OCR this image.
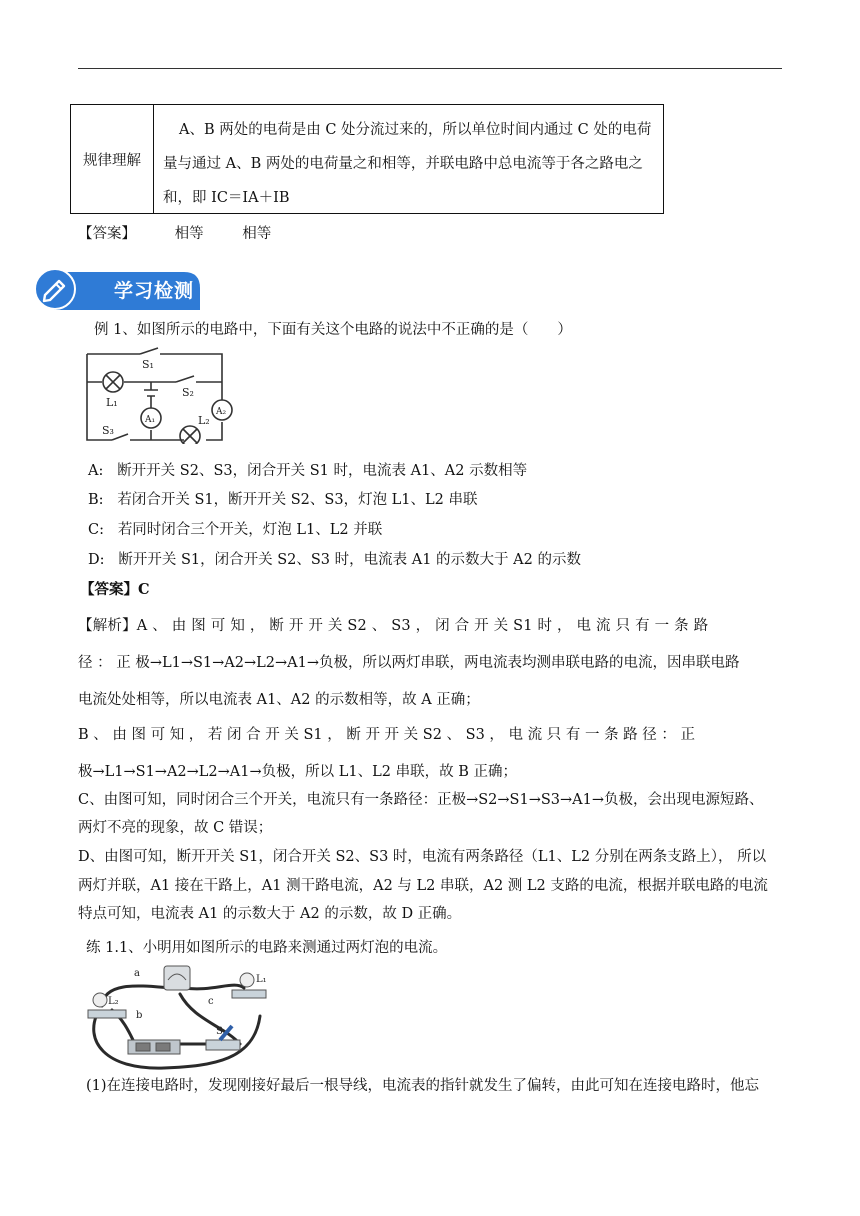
规律理解
A、B 两处的电荷是由 C 处分流过来的，所以单位时间内通过 C 处的电荷
量与通过 A、B 两处的电荷量之和相等，并联电路中总电流等于各之路电之
和，即 IC＝IA＋IB
【答案】	相等	相等
学习检测
例 1、如图所示的电路中，下面有关这个电路的说法中不正确的是（　　）
S₁
S₂
S₃
L₁
L₂
A₁
A₂
A: 断开开关 S2、S3，闭合开关 S1 时，电流表 A1、A2 示数相等
B: 若闭合开关 S1，断开开关 S2、S3，灯泡 L1、L2 串联
C: 若同时闭合三个开关，灯泡 L1、L2 并联
D: 断开开关 S1，闭合开关 S2、S3 时，电流表 A1 的示数大于 A2 的示数
【答案】C
【解析】A 、 由 图 可 知 ， 断 开 开 关 S2 、 S3 ， 闭 合 开 关 S1 时 ， 电 流 只 有 一 条 路
径 ： 正 极→L1→S1→A2→L2→A1→负极，所以两灯串联，两电流表均测串联电路的电流，因串联电路
电流处处相等，所以电流表 A1、A2 的示数相等，故 A 正确；
B 、 由 图 可 知 ， 若 闭 合 开 关 S1 ， 断 开 开 关 S2 、 S3 ， 电 流 只 有 一 条 路 径 ： 正
极→L1→S1→A2→L2→A1→负极，所以 L1、L2 串联，故 B 正确；
C、由图可知，同时闭合三个开关，电流只有一条路径：正极→S2→S1→S3→A1→负极，会出现电源短路、
两灯不亮的现象，故 C 错误；
D、由图可知，断开开关 S1，闭合开关 S2、S3 时，电流有两条路径（L1、L2 分别在两条支路上）， 所以
两灯并联，A1 接在干路上，A1 测干路电流，A2 与 L2 串联，A2 测 L2 支路的电流，根据并联电路的电流
特点可知，电流表 A1 的示数大于 A2 的示数，故 D 正确。
练 1.1、小明用如图所示的电路来测通过两灯泡的电流。
a
b
c
L₁
L₂
S
(1)在连接电路时，发现刚接好最后一根导线，电流表的指针就发生了偏转，由此可知在连接电路时，他忘
